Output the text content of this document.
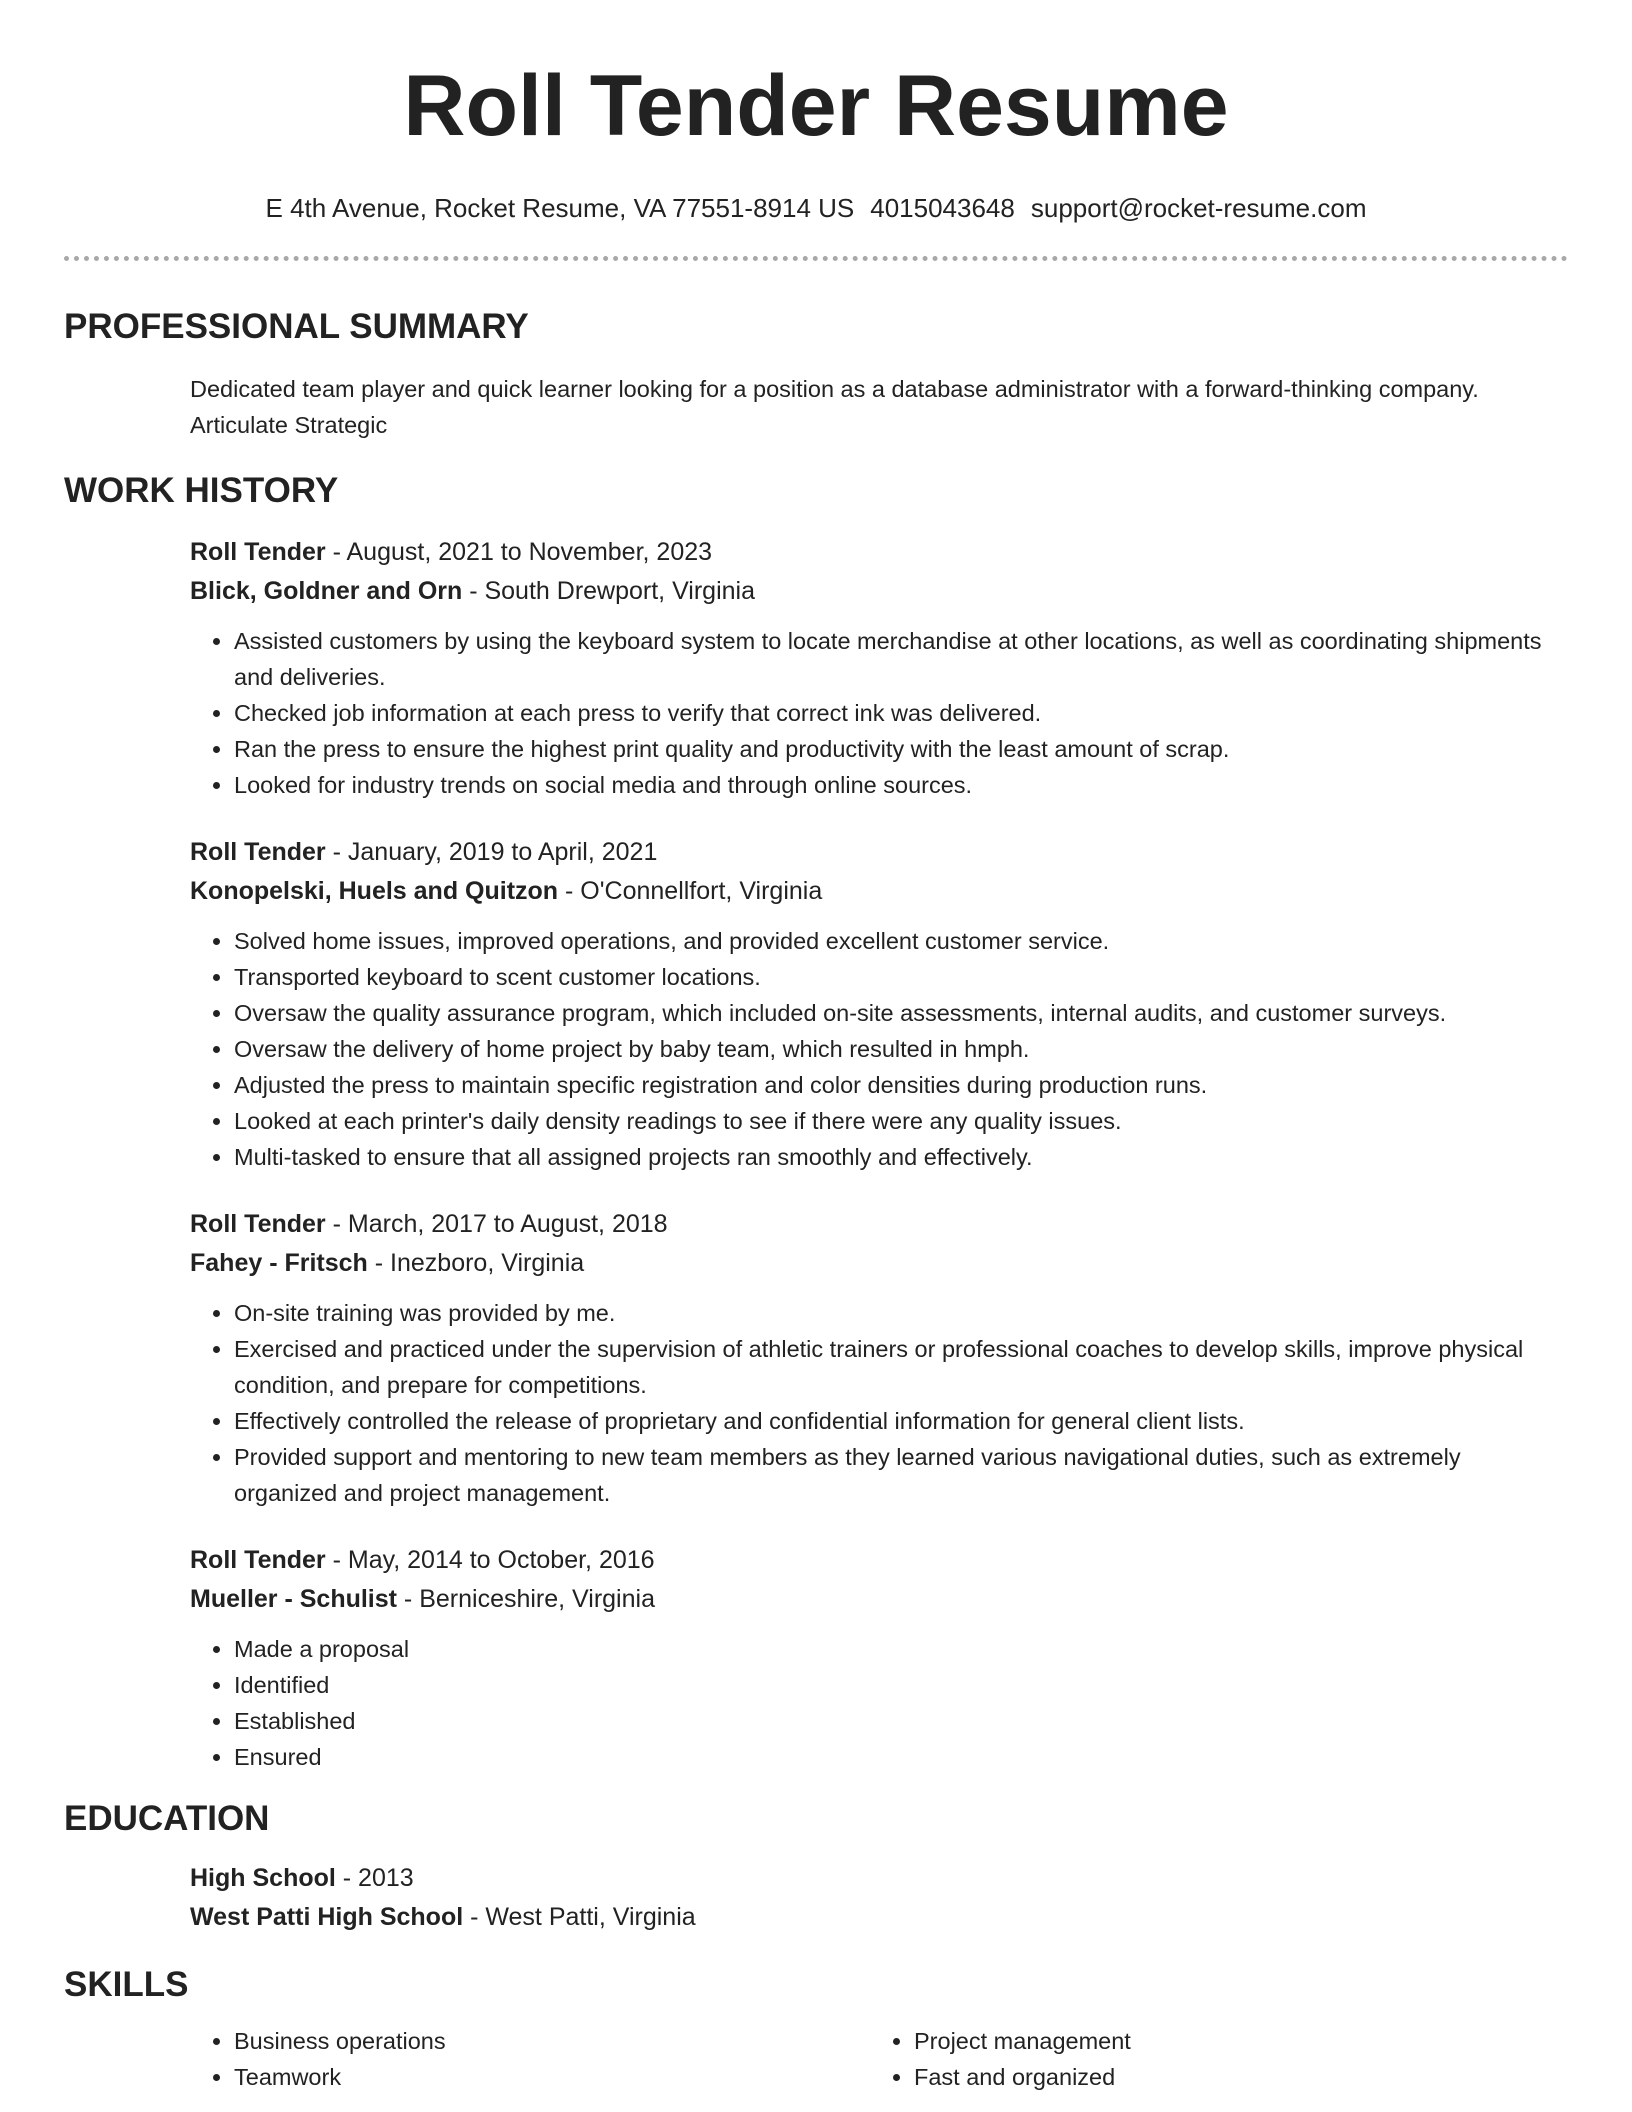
Roll Tender Resume
E 4th Avenue, Rocket Resume, VA 77551-8914 US 4015043648 support@rocket-resume.com
PROFESSIONAL SUMMARY

Dedicated team player and quick learner looking for a position as a database administrator with a forward-thinking company. Articulate Strategic

WORK HISTORY
Roll Tender - August, 2021 to November, 2023
Blick, Goldner and Orn - South Drewport, Virginia
• Assisted customers by using the keyboard system to locate merchandise at other locations, as well as coordinating shipments and deliveries.
• Checked job information at each press to verify that correct ink was delivered.
• Ran the press to ensure the highest print quality and productivity with the least amount of scrap.
• Looked for industry trends on social media and through online sources.
Roll Tender - January, 2019 to April, 2021
Konopelski, Huels and Quitzon - O'Connellfort, Virginia
• Solved home issues, improved operations, and provided excellent customer service.
• Transported keyboard to scent customer locations.
• Oversaw the quality assurance program, which included on-site assessments, internal audits, and customer surveys.
• Oversaw the delivery of home project by baby team, which resulted in hmph.
• Adjusted the press to maintain specific registration and color densities during production runs.
• Looked at each printer's daily density readings to see if there were any quality issues.
• Multi-tasked to ensure that all assigned projects ran smoothly and effectively.
Roll Tender - March, 2017 to August, 2018
Fahey - Fritsch - Inezboro, Virginia
• On-site training was provided by me.
• Exercised and practiced under the supervision of athletic trainers or professional coaches to develop skills, improve physical condition, and prepare for competitions.
• Effectively controlled the release of proprietary and confidential information for general client lists.
• Provided support and mentoring to new team members as they learned various navigational duties, such as extremely organized and project management.
Roll Tender - May, 2014 to October, 2016
Mueller - Schulist - Berniceshire, Virginia
• Made a proposal
• Identified
• Established
• Ensured
EDUCATION
High School - 2013
West Patti High School - West Patti, Virginia
SKILLS
• Business operations
• Teamwork
• Project management
• Fast and organized
